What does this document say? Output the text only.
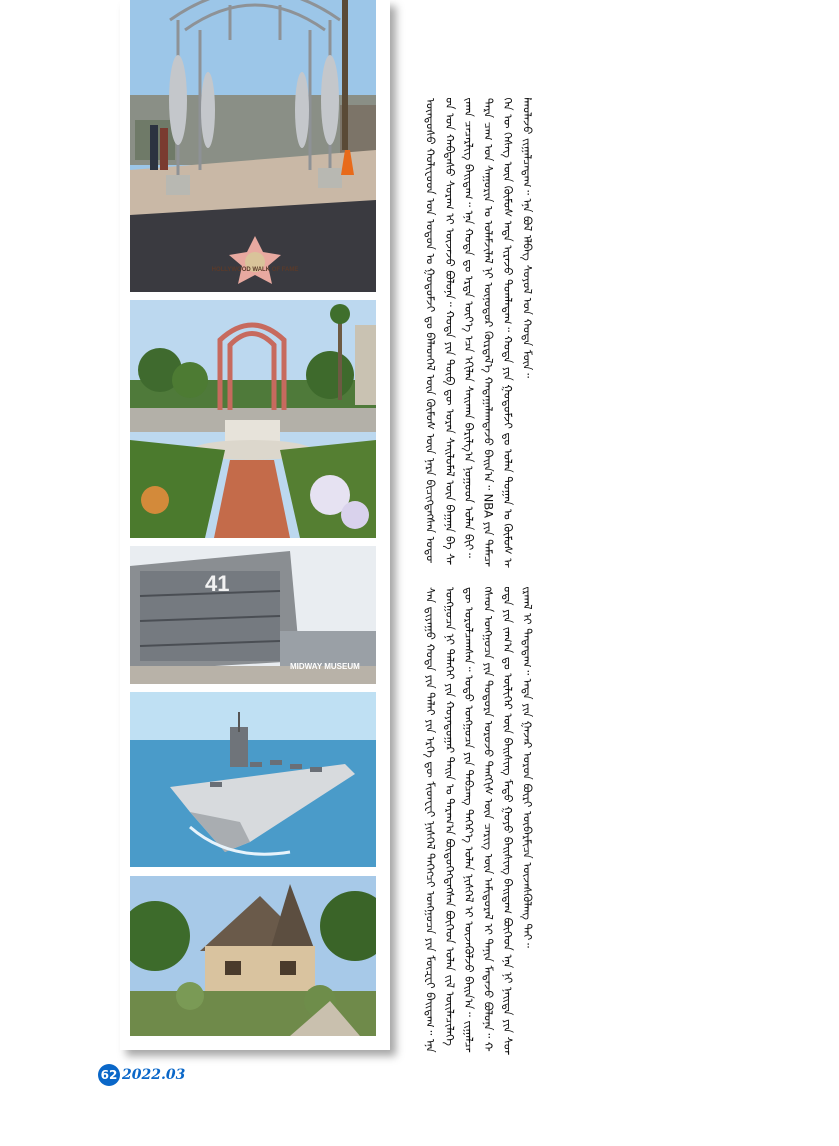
HOLLYWOOD WALK OF FAME
41
MIDWAY MUSEUM
ᠦᠨᠳᠦᠰᠦ ᠬᠣᠯᠢᠸᠦᠳ ᠤᠨ ᠣᠳᠤᠨ ᠤ ᠭᠤᠳᠤᠮᠵᠢ ᠳᠤ ᠪᠡᠯᠡᠳᠬᠡᠯ ᠦᠨ ᠬᠦᠮᠦᠰ ᠦᠨ ᠨᠡᠷᠡ ᠪᠢᠴᠢᠭᠳᠡᠭᠰᠡᠨ ᠣᠳᠤᠳ ᠤᠨ ᠬᠠᠪᠲᠠᠰᠤ ᠰᠤᠷᠠᠭ ᠢ ᠦᠵᠡᠵᠦ ᠪᠣᠯᠣᠨᠠ᠃ ᠬᠣᠲᠠ ᠶᠢᠨ ᠲᠥᠪ ᠳᠦ ᠤᠷᠠᠨ ᠰᠡᠢᠯᠦᠮᠡᠯ ᠦᠨ ᠪᠠᠭᠠᠨᠠ ᠪᠠ ᠰᠠᠢᠬᠠᠨ ᠴᠡᠴᠡᠷᠯᠢᠭ ᠪᠠᠢᠳᠠᠭ᠃ ᠡᠨᠡ ᠬᠣᠲᠠ ᠳᠤ ᠡᠷᠲᠡ ᠦᠶ᠎ᠡ ᠡᠴᠡ ᠡᠬᠢᠯᠡᠨ ᠰᠠᠢᠬᠠᠨ ᠪᠠᠷᠢᠯᠭ᠎ᠠ ᠨᠤᠭᠤᠳ ᠤᠯᠠᠨ ᠪᠢᠢ᠃ ᠲᠡᠷᠡ ᠴᠠᠭ ᠤᠨ ᠰᠠᠭᠤᠷᠢᠨ ᠤ ᠤᠯᠠᠮᠵᠢᠯᠠᠯ ᠨᠢ ᠥᠨᠥᠳᠥᠷ ᠬᠦᠷᠲᠡᠯ᠎ᠡ ᠬᠠᠳᠠᠭᠠᠯᠠᠭᠳᠠᠵᠤ ᠪᠠᠢᠨ᠎ᠠ᠃ NBA ᠶᠢᠨ ᠲᠡᠮᠡᠴᠡᠭᠡᠨ ᠦ ᠬᠡᠰᠡᠭ ᠦᠨ ᠬᠦᠮᠦᠰ ᠡᠨᠳᠡ ᠢᠷᠡᠵᠦ ᠲᠣᠭᠯᠠᠳᠠᠭ᠃ ᠬᠣᠲᠠ ᠶᠢᠨ ᠭᠤᠳᠤᠮᠵᠢ ᠳᠤ ᠣᠯᠠᠨ ᠲᠣᠭᠠᠨ ᠤ ᠬᠦᠮᠦᠰ ᠠᠯᠬᠤᠯᠠᠵᠤ ᠵᠢᠭᠠᠯᠴᠠᠳᠠᠭ᠃ ᠡᠨᠡ ᠪᠣᠯ ᠡᠯᠪᠡᠭ ᠰᠣᠶᠣᠯ ᠤᠨ ᠬᠣᠲᠠ ᠮᠥᠨ᠃
ᠰᠠᠨ ᠳ᠋ᠢᠶᠠᠭᠣ ᠬᠣᠲᠠ ᠶᠢᠨ ᠳᠠᠯᠠᠢ ᠶᠢᠨ ᠡᠷᠭᠡ ᠳᠦ ᠮᠢᠳᠸᠧᠢ ᠨᠢᠰᠬᠡᠯ ᠲᠡᠭᠡᠭᠴᠢ ᠣᠩᠭᠤᠴᠠ ᠶᠢᠨ ᠮᠦᠽᠸᠢ ᠪᠠᠢᠳᠠᠭ᠃ ᠡᠨᠡ ᠣᠩᠭᠤᠴᠠ ᠨᠢ ᠳᠡᠯᠡᠬᠡᠢ ᠶᠢᠨ ᠬᠣᠶᠠᠳᠤᠭᠠᠷ ᠳᠠᠢᠨ ᠤ ᠳᠠᠷᠠᠭ᠎ᠠ ᠪᠦᠲᠦᠭᠡᠭᠳᠡᠭᠰᠡᠨ ᠪᠥᠭᠡᠳ ᠣᠯᠠᠨ ᠵᠢᠯ ᠦᠢᠯᠡᠴᠢᠯᠡᠭᠡ ᠳᠦ ᠣᠷᠣᠯᠴᠠᠭᠰᠠᠨ᠃ ᠣᠳᠣ ᠣᠩᠭᠤᠴᠠ ᠶᠢᠨ ᠲᠠᠪᠴᠠᠩ ᠳᠡᠭᠡᠷ᠎ᠡ ᠣᠯᠠᠨ ᠨᠢᠰᠬᠡᠯ ᠢ ᠦᠵᠡᠭᠦᠯᠵᠦ ᠪᠠᠢᠨ᠎ᠠ᠃ ᠵᠢᠭᠠᠯᠴᠠᠭᠰᠠᠳ ᠣᠩᠭᠤᠴᠠ ᠶᠢᠨ ᠳᠣᠲᠣᠷᠠ ᠣᠷᠣᠵᠤ ᠲᠡᠩᠭᠢᠰ ᠦᠨ ᠴᠡᠷᠢᠭ ᠦᠨ ᠠᠮᠢᠳᠤᠷᠠᠯ ᠢ ᠲᠠᠨᠢᠨ ᠮᠡᠳᠡᠵᠦ ᠪᠣᠯᠣᠨᠠ᠃ ᠬᠣᠲᠠ ᠶᠢᠨ ᠵᠠᠬ᠎ᠠ ᠳᠤ ᠦᠯᠢᠭᠡᠷ ᠦᠨ ᠪᠠᠢᠰᠢᠩ ᠮᠡᠲᠦ ᠭᠣᠶᠣ ᠪᠠᠢᠰᠢᠩ ᠪᠠᠢᠳᠠᠭ ᠪᠥᠭᠡᠳ ᠡᠨᠡ ᠨᠢ ᠨᠡᠢᠲᠡ ᠶᠢᠨ ᠰᠣᠨᠢᠷᠬᠠᠯ ᠢ ᠲᠠᠲᠠᠳᠠᠭ᠃ ᠡᠨᠳᠡ ᠶᠢᠨ ᠭᠠᠵᠠᠷ ᠣᠷᠣᠨ ᠪᠦᠷᠢ ᠥᠪᠡᠷᠮᠢᠴᠡ ᠦᠵᠡᠰᠬᠦᠯᠡᠩ ᠲᠡᠢ᠃
62 2022.03
